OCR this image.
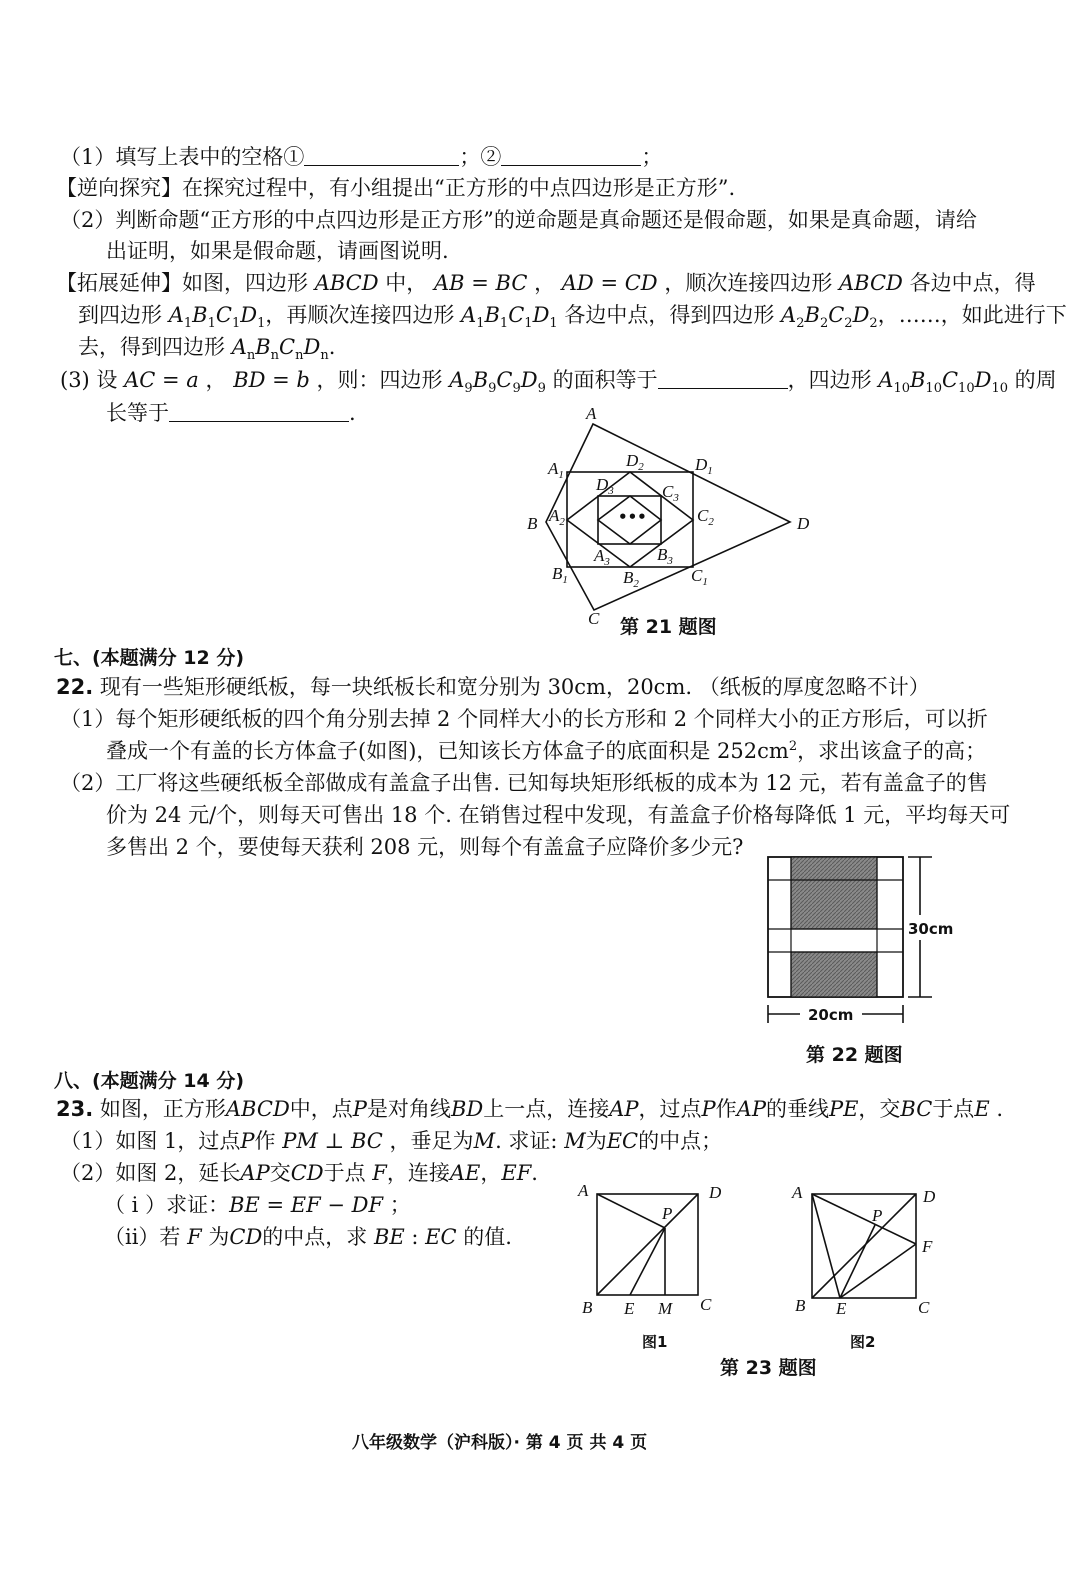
（1）填写上表中的空格①	；②	；
【逆向探究】在探究过程中，有小组提出“正方形的中点四边形是正方形”.
（2）判断命题“正方形的中点四边形是正方形”的逆命题是真命题还是假命题，如果是真命题，请给
出证明，如果是假命题，请画图说明.
【拓展延伸】如图，四边形 ABCD 中， AB = BC ， AD = CD ，顺次连接四边形 ABCD 各边中点，得
到四边形 $A_1B_1C_1D_1$，再顺次连接四边形 $A_1B_1C_1D_1$ 各边中点，得到四边形 $A_2B_2C_2D_2$，……，如此进行下
去，得到四边形 $A_nB_nC_nD_n$.
(3) 设 AC = a ， BD = b ，则：四边形 $A_9B_9C_9D_9$ 的面积等于	，四边形 $A_{10}B_{10}C_{10}D_{10}$ 的周
长等于	.	A
B
C
D
$A_1$
$D_1$
$B_1$	$C_1$
$A_2$
$D_2$
$C_2$
$B_2$
$D_3$	$C_3$
$A_3$	$B_3$
•••
第 21 题图
七、(本题满分 12 分)
22. 现有一些矩形硬纸板，每一块纸板长和宽分别为 30cm，20cm. （纸板的厚度忽略不计）
（1）每个矩形硬纸板的四个角分别去掉 2 个同样大小的长方形和 2 个同样大小的正方形后，可以折
叠成一个有盖的长方体盒子(如图)，已知该长方体盒子的底面积是 $252cm^2$，求出该盒子的高；
（2）工厂将这些硬纸板全部做成有盖盒子出售. 已知每块矩形纸板的成本为 12 元，若有盖盒子的售
价为 24 元/个，则每天可售出 18 个. 在销售过程中发现，有盖盒子价格每降低 1 元，平均每天可
多售出 2 个，要使每天获利 208 元，则每个有盖盒子应降价多少元?
30cm
20cm
第 22 题图
八、(本题满分 14 分)
23. 如图，正方形ABCD中，点P是对角线BD上一点，连接AP，过点P作AP的垂线PE，交BC于点E .
（1）如图 1，过点P作 PM ⊥ BC ，垂足为M. 求证: M为EC的中点；
（2）如图 2，延长AP交CD于点 F，连接AE，EF.
（ i ）求证：BE = EF − DF ；
（ii）若 F 为CD的中点，求 BE : EC 的值.
A	D
P
B E M C
图1
A	D
P
F
B E	C
图2
第 23 题图
八年级数学（沪科版）· 第 4 页 共 4 页
